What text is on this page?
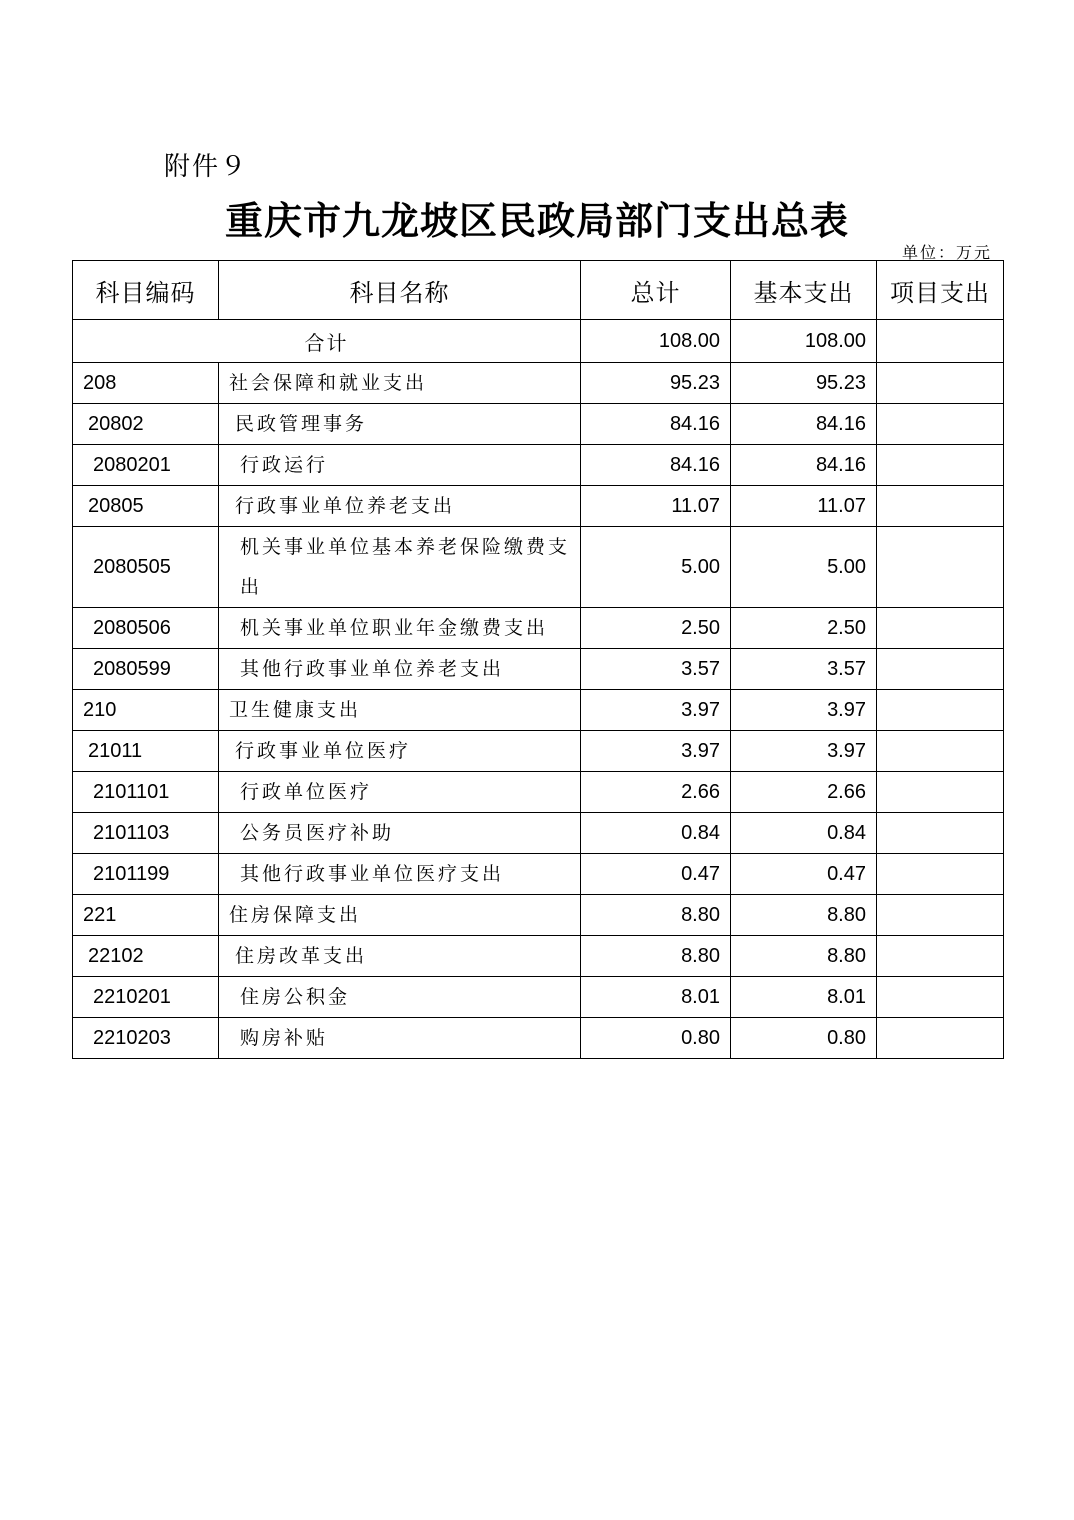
附件９
重庆市九龙坡区民政局部门支出总表
单位：万元
科目编码	科目名称	总计	基本支出	项目支出
合计		108.00	108.00	
208	社会保障和就业支出	95.23	95.23	
20802	民政管理事务	84.16	84.16	
2080201	行政运行	84.16	84.16	
20805	行政事业单位养老支出	11.07	11.07	
2080505	机关事业单位基本养老保险缴费支出	5.00	5.00	
2080506	机关事业单位职业年金缴费支出	2.50	2.50	
2080599	其他行政事业单位养老支出	3.57	3.57	
210	卫生健康支出	3.97	3.97	
21011	行政事业单位医疗	3.97	3.97	
2101101	行政单位医疗	2.66	2.66	
2101103	公务员医疗补助	0.84	0.84	
2101199	其他行政事业单位医疗支出	0.47	0.47	
221	住房保障支出	8.80	8.80	
22102	住房改革支出	8.80	8.80	
2210201	住房公积金	8.01	8.01	
2210203	购房补贴	0.80	0.80	
